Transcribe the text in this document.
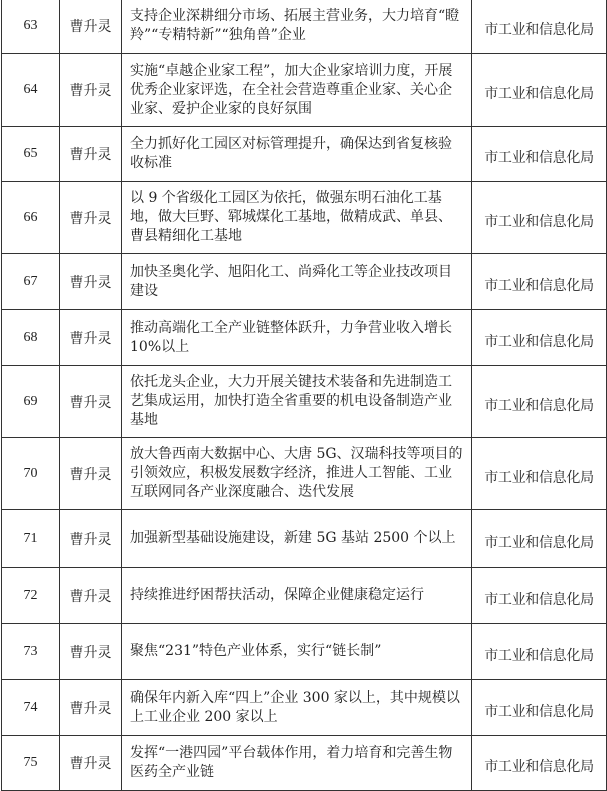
63	曹升灵	支持企业深耕细分市场、拓展主营业务，大力培育“瞪羚”“专精特新”“独角兽”企业	市工业和信息化局

64	曹升灵	实施“卓越企业家工程”，加大企业家培训力度，开展优秀企业家评选，在全社会营造尊重企业家、关心企业家、爱护企业家的良好氛围	市工业和信息化局

65	曹升灵	全力抓好化工园区对标管理提升，确保达到省复核验收标准	市工业和信息化局

66	曹升灵	以 9 个省级化工园区为依托，做强东明石油化工基地，做大巨野、郓城煤化工基地，做精成武、单县、曹县精细化工基地	市工业和信息化局

67	曹升灵	加快圣奥化学、旭阳化工、尚舜化工等企业技改项目建设	市工业和信息化局

68	曹升灵	推动高端化工全产业链整体跃升，力争营业收入增长 10%以上	市工业和信息化局

69	曹升灵	依托龙头企业，大力开展关键技术装备和先进制造工艺集成运用，加快打造全省重要的机电设备制造产业基地	市工业和信息化局

70	曹升灵	放大鲁西南大数据中心、大唐 5G、汉瑞科技等项目的引领效应，积极发展数字经济，推进人工智能、工业互联网同各产业深度融合、迭代发展	市工业和信息化局

71	曹升灵	加强新型基础设施建设，新建 5G 基站 2500 个以上	市工业和信息化局

72	曹升灵	持续推进纾困帮扶活动，保障企业健康稳定运行	市工业和信息化局

73	曹升灵	聚焦“231”特色产业体系，实行“链长制”	市工业和信息化局

74	曹升灵	确保年内新入库“四上”企业 300 家以上，其中规模以上工业企业 200 家以上	市工业和信息化局

75	曹升灵	发挥“一港四园”平台载体作用，着力培育和完善生物医药全产业链	市工业和信息化局
